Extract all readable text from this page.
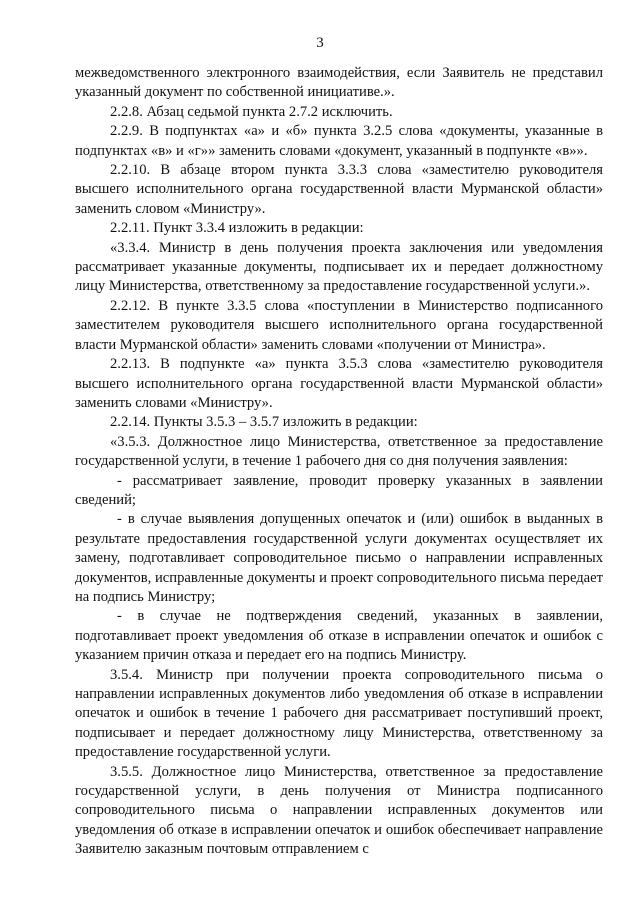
3

межведомственного электронного взаимодействия, если Заявитель не представил указанный документ по собственной инициативе.».

2.2.8. Абзац седьмой пункта 2.7.2 исключить.

2.2.9. В подпунктах «а» и «б» пункта 3.2.5 слова «документы, указанные в подпунктах «в» и «г»» заменить словами «документ, указанный в подпункте «в»».

2.2.10. В абзаце втором пункта 3.3.3 слова «заместителю руководителя высшего исполнительного органа государственной власти Мурманской области» заменить словом «Министру».

2.2.11. Пункт 3.3.4 изложить в редакции:

«3.3.4. Министр в день получения проекта заключения или уведомления рассматривает указанные документы, подписывает их и передает должностному лицу Министерства, ответственному за предоставление государственной услуги.».

2.2.12. В пункте 3.3.5 слова «поступлении в Министерство подписанного заместителем руководителя высшего исполнительного органа государственной власти Мурманской области» заменить словами «получении от Министра».

2.2.13. В подпункте «а» пункта 3.5.3 слова «заместителю руководителя высшего исполнительного органа государственной власти Мурманской области» заменить словами «Министру».

2.2.14. Пункты 3.5.3 – 3.5.7 изложить в редакции:

«3.5.3. Должностное лицо Министерства, ответственное за предоставление государственной услуги, в течение 1 рабочего дня со дня получения заявления:

- рассматривает заявление, проводит проверку указанных в заявлении сведений;

- в случае выявления допущенных опечаток и (или) ошибок в выданных в результате предоставления государственной услуги документах осуществляет их замену, подготавливает сопроводительное письмо о направлении исправленных документов, исправленные документы и проект сопроводительного письма передает на подпись Министру;

- в случае не подтверждения сведений, указанных в заявлении, подготавливает проект уведомления об отказе в исправлении опечаток и ошибок с указанием причин отказа и передает его на подпись Министру.

3.5.4. Министр при получении проекта сопроводительного письма о направлении исправленных документов либо уведомления об отказе в исправлении опечаток и ошибок в течение 1 рабочего дня рассматривает поступивший проект, подписывает и передает должностному лицу Министерства, ответственному за предоставление государственной услуги.

3.5.5. Должностное лицо Министерства, ответственное за предоставление государственной услуги, в день получения от Министра подписанного сопроводительного письма о направлении исправленных документов или уведомления об отказе в исправлении опечаток и ошибок обеспечивает направление Заявителю заказным почтовым отправлением с
